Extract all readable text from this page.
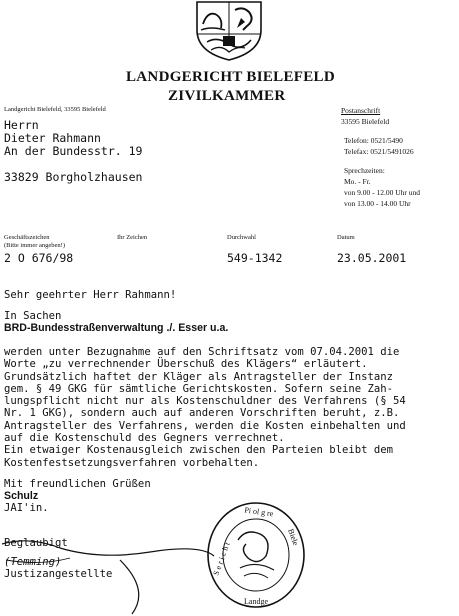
LANDGERICHT BIELEFELD
ZIVILKAMMER
Landgericht Bielefeld, 33595 Bielefeld	Postanschrift
33595 Bielefeld
Telefon: 0521/5490
Telefax: 0521/5491026
Sprechzeiten:
Mo. - Fr.
von 9.00 - 12.00 Uhr und
von 13.00 - 14.00 Uhr
Herrn
Dieter Rahmann
An der Bundesstr. 19
33829 Borgholzhausen
Geschäftszeichen
(Bitte immer angeben!)
2 O 676/98
Ihr Zeichen	Durchwahl
549-1342
Datum
23.05.2001
Sehr geehrter Herr Rahmann!
In Sachen
BRD-Bundesstraßenverwaltung ./. Esser u.a.
werden unter Bezugnahme auf den Schriftsatz vom 07.04.2001 die
Worte „zu verrechnender Überschuß des Klägers“ erläutert.
Grundsätzlich haftet der Kläger als Antragsteller der Instanz
gem. § 49 GKG für sämtliche Gerichtskosten. Sofern seine Zah-
lungspflicht nicht nur als Kostenschuldner des Verfahrens (§ 54
Nr. 1 GKG), sondern auch auf anderen Vorschriften beruht, z.B.
Antragsteller des Verfahrens, werden die Kosten einbehalten und
auf die Kostenschuld des Gegners verrechnet.
Ein etwaiger Kostenausgleich zwischen den Parteien bleibt dem
Kostenfestsetzungsverfahren vorbehalten.
Mit freundlichen Grüßen
Schulz
JAI'in.
Beglaubigt
(Temming)
Justizangestellte
Pi ol g re
Biele
S e r i c h t
Landge
